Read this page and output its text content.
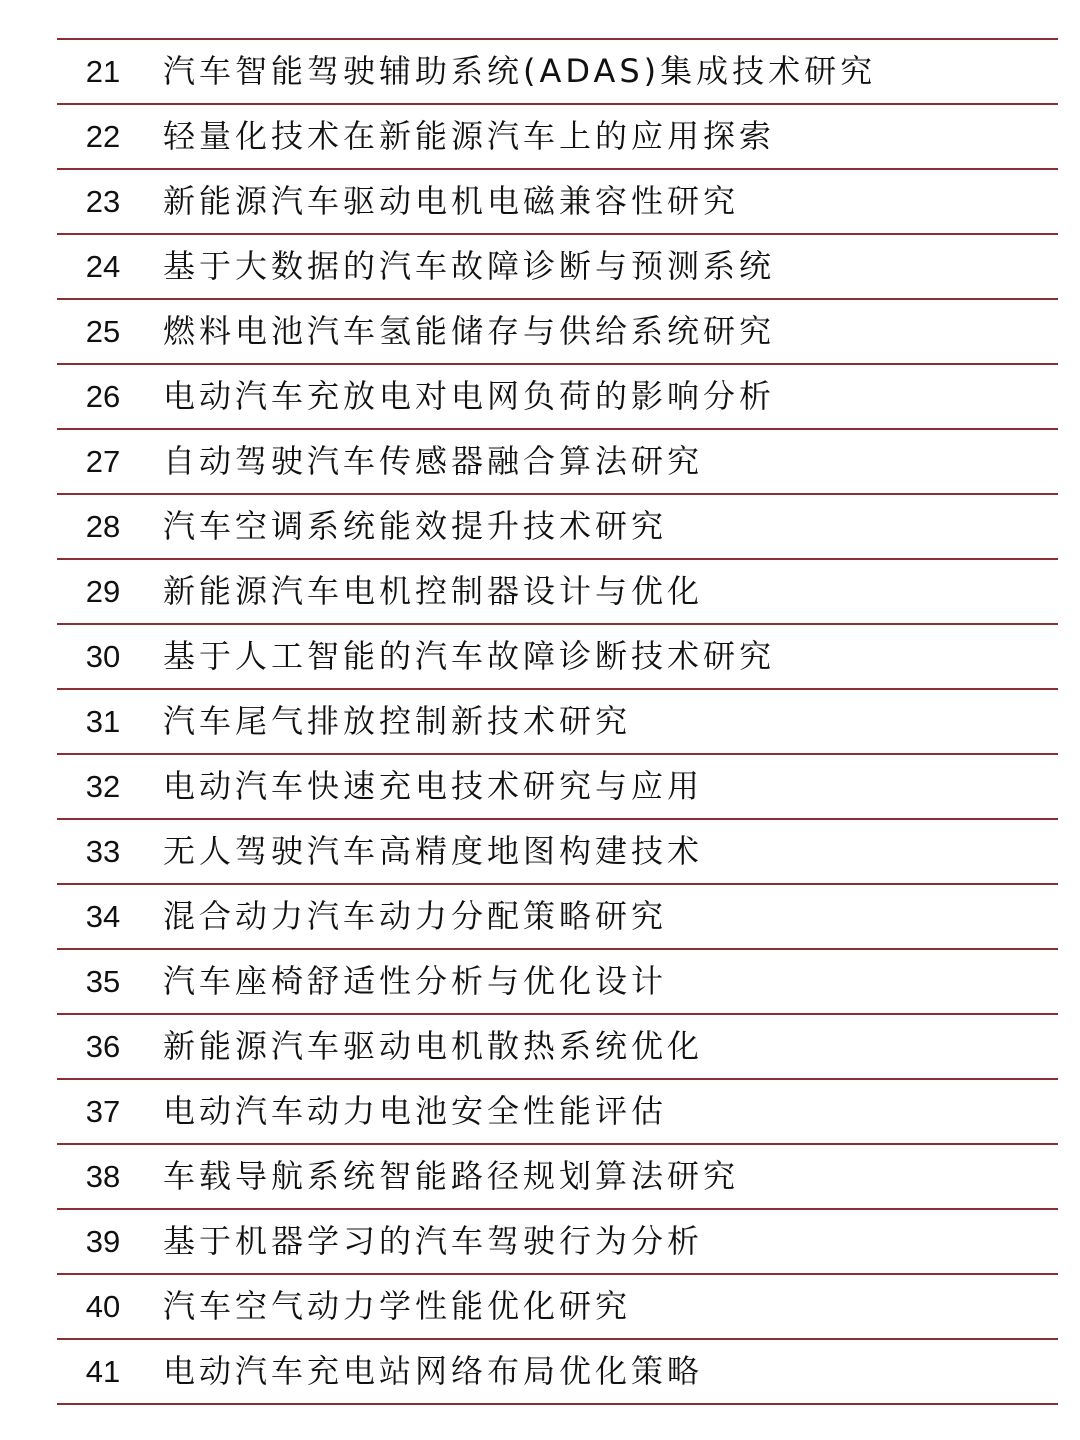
21	汽车智能驾驶辅助系统(ADAS)集成技术研究
22	轻量化技术在新能源汽车上的应用探索
23	新能源汽车驱动电机电磁兼容性研究
24	基于大数据的汽车故障诊断与预测系统
25	燃料电池汽车氢能储存与供给系统研究
26	电动汽车充放电对电网负荷的影响分析
27	自动驾驶汽车传感器融合算法研究
28	汽车空调系统能效提升技术研究
29	新能源汽车电机控制器设计与优化
30	基于人工智能的汽车故障诊断技术研究
31	汽车尾气排放控制新技术研究
32	电动汽车快速充电技术研究与应用
33	无人驾驶汽车高精度地图构建技术
34	混合动力汽车动力分配策略研究
35	汽车座椅舒适性分析与优化设计
36	新能源汽车驱动电机散热系统优化
37	电动汽车动力电池安全性能评估
38	车载导航系统智能路径规划算法研究
39	基于机器学习的汽车驾驶行为分析
40	汽车空气动力学性能优化研究
41	电动汽车充电站网络布局优化策略
